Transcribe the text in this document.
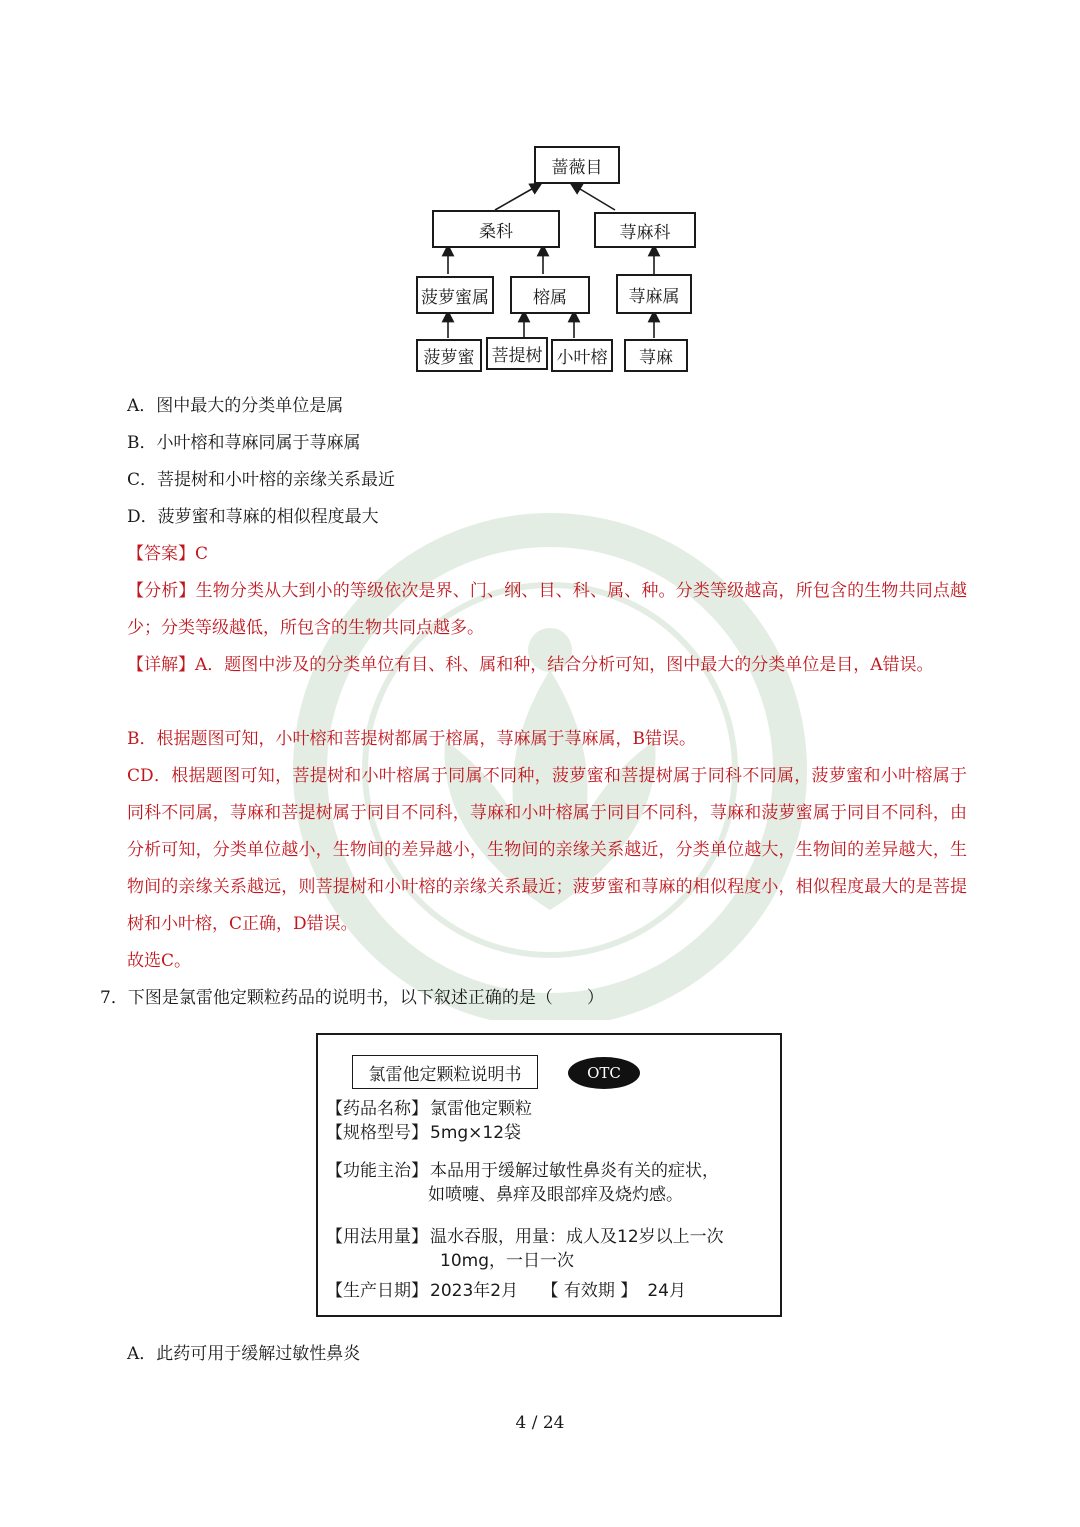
蔷薇目
桑科	荨麻科
菠萝蜜属	榕属	荨麻属
菠萝蜜	菩提树 小叶榕	荨麻
A．图中最大的分类单位是属
B．小叶榕和荨麻同属于荨麻属
C．菩提树和小叶榕的亲缘关系最近
D．菠萝蜜和荨麻的相似程度最大
【答案】C
【分析】生物分类从大到小的等级依次是界、门、纲、目、科、属、种。分类等级越高，所包含的生物共同点越少；分类等级越低，所包含的生物共同点越多。
【详解】A．题图中涉及的分类单位有目、科、属和种，结合分析可知，图中最大的分类单位是目，A错误。
B．根据题图可知，小叶榕和菩提树都属于榕属，荨麻属于荨麻属，B错误。
CD．根据题图可知，菩提树和小叶榕属于同属不同种，菠萝蜜和菩提树属于同科不同属，菠萝蜜和小叶榕属于同科不同属，荨麻和菩提树属于同目不同科，荨麻和小叶榕属于同目不同科，荨麻和菠萝蜜属于同目不同科，由分析可知，分类单位越小，生物间的差异越小，生物间的亲缘关系越近，分类单位越大，生物间的差异越大，生物间的亲缘关系越远，则菩提树和小叶榕的亲缘关系最近；菠萝蜜和荨麻的相似程度小，相似程度最大的是菩提树和小叶榕，C正确，D错误。
故选C。
7．下图是氯雷他定颗粒药品的说明书，以下叙述正确的是（　　）
氯雷他定颗粒说明书	OTC
【药品名称】 氯雷他定颗粒
【规格型号】 5mg×12袋
【功能主治】 本品用于缓解过敏性鼻炎有关的症状，
如喷嚏、鼻痒及眼部痒及烧灼感。
【用法用量】 温水吞服，用量：成人及12岁以上一次
10mg，一日一次
【生产日期】 2023年2月 【 有效期 】 24月
A．此药可用于缓解过敏性鼻炎
4 / 24
